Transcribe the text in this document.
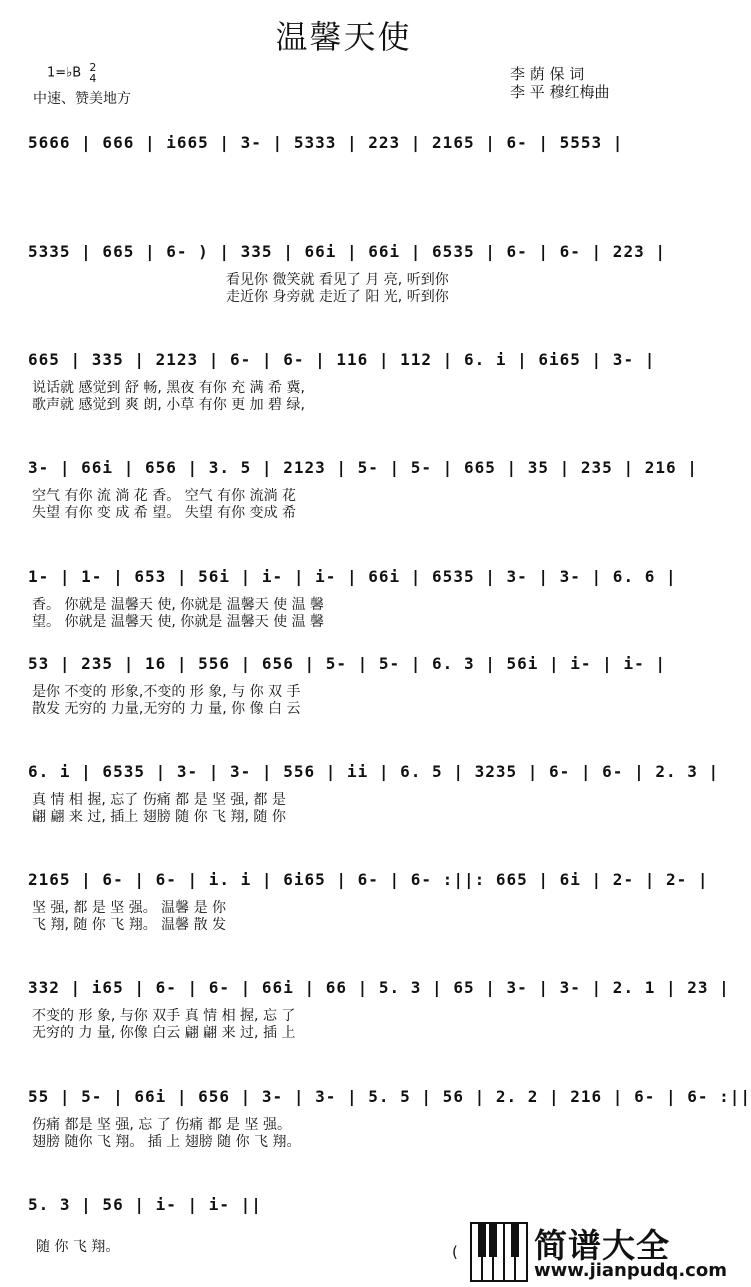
温馨天使
1=♭B 2
4
中速、赞美地方
李 荫 保 词
李 平 穆红梅曲
5666 | 666 | i665 | 3- | 5333 | 223 | 2165 | 6- | 5553 |
5335 | 665 | 6- ) | 335 | 66i | 66i | 6535 | 6- | 6- | 223 |
看见你 微笑就 看见了 月 亮, 听到你
走近你 身旁就 走近了 阳 光, 听到你
665 | 335 | 2123 | 6- | 6- | 116 | 112 | 6. i | 6i65 | 3- |
说话就 感觉到 舒 畅, 黑夜 有你 充 满 希 冀,
歌声就 感觉到 爽 朗, 小草 有你 更 加 碧 绿,
3- | 66i | 656 | 3. 5 | 2123 | 5- | 5- | 665 | 35 | 235 | 216 |
空气 有你 流 淌 花 香。 空气 有你 流淌 花
失望 有你 变 成 希 望。 失望 有你 变成 希
1- | 1- | 653 | 56i | i- | i- | 66i | 6535 | 3- | 3- | 6. 6 |
香。 你就是 温馨天 使, 你就是 温馨天 使 温 馨
望。 你就是 温馨天 使, 你就是 温馨天 使 温 馨
53 | 235 | 16 | 556 | 656 | 5- | 5- | 6. 3 | 56i | i- | i- |
是你 不变的 形象,不变的 形 象, 与 你 双 手
散发 无穷的 力量,无穷的 力 量, 你 像 白 云
6. i | 6535 | 3- | 3- | 556 | ii | 6. 5 | 3235 | 6- | 6- | 2. 3 |
真 情 相 握, 忘了 伤痛 都 是 坚 强, 都 是
翩 翩 来 过, 插上 翅膀 随 你 飞 翔, 随 你
2165 | 6- | 6- | i. i | 6i65 | 6- | 6- :||: 665 | 6i | 2- | 2- |
坚 强, 都 是 坚 强。 温馨 是 你
飞 翔, 随 你 飞 翔。 温馨 散 发
332 | i65 | 6- | 6- | 66i | 66 | 5. 3 | 65 | 3- | 3- | 2. 1 | 23 |
不变的 形 象, 与你 双手 真 情 相 握, 忘 了
无穷的 力 量, 你像 白云 翩 翩 来 过, 插 上
55 | 5- | 66i | 656 | 3- | 3- | 5. 5 | 56 | 2. 2 | 216 | 6- | 6- :||
伤痛 都是 坚 强, 忘 了 伤痛 都 是 坚 强。
翅膀 随你 飞 翔。 插 上 翅膀 随 你 飞 翔。
5. 3 | 56 | i- | i- ||
随 你 飞 翔。	( 简谱大全
www.jianpudq.com
